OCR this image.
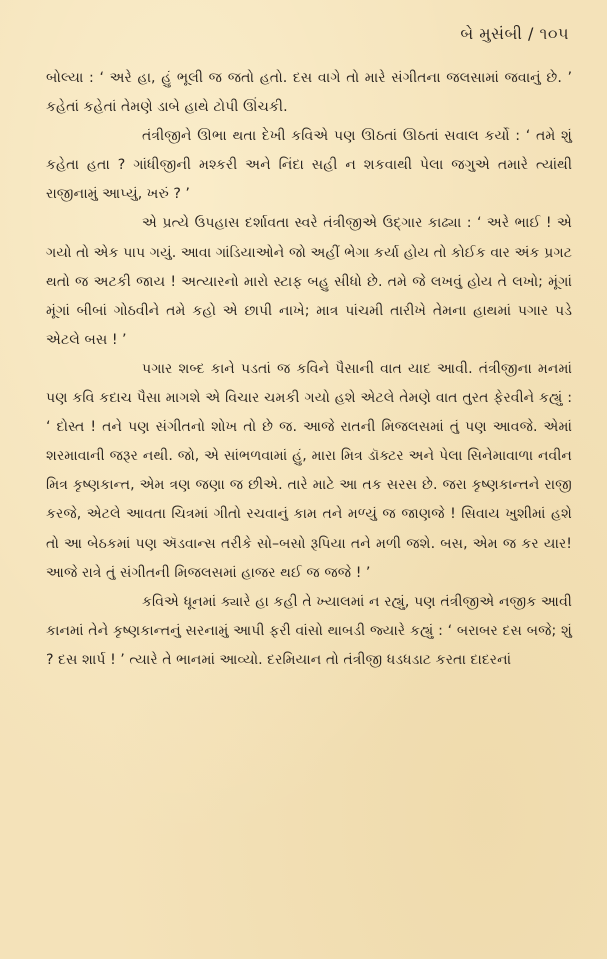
બે મુસંબી / ૧૦૫

બોલ્યા : ‘ અરે હા, હું ભૂલી જ જતો હતો. દસ વાગે તો મારે સંગીતના જલસામાં જવાનું છે. ’ કહેતાં કહેતાં તેમણે ડાબે હાથે ટોપી ઊંચકી.

તંત્રીજીને ઊભા થતા દેખી કવિએ પણ ઊઠતાં ઊઠતાં સવાલ કર્યો : ‘ તમે શું કહેતા હતા ? ગાંધીજીની મશ્કરી અને નિંદા સહી ન શકવાથી પેલા જગુએ તમારે ત્યાંથી રાજીનામું આપ્યું, ખરું ? ’

એ પ્રત્યે ઉપહાસ દર્શાવતા સ્વરે તંત્રીજીએ ઉદ્ગાર કાઢ્યા : ‘ અરે ભાઈ ! એ ગયો તો એક પાપ ગયું. આવા ગાંડિયાઓને જો અહીં ભેગા કર્યા હોય તો કોઈક વાર અંક પ્રગટ થતો જ અટકી જાય ! અત્યારનો મારો સ્ટાફ બહુ સીધો છે. તમે જે લખવું હોય તે લખો; મૂંગાં મૂંગાં બીબાં ગોઠવીને તમે કહો એ છાપી નાખે; માત્ર પાંચમી તારીખે તેમના હાથમાં પગાર પડે એટલે બસ ! ’

પગાર શબ્દ કાને પડતાં જ કવિને પૈસાની વાત યાદ આવી. તંત્રીજીના મનમાં પણ કવિ કદાચ પૈસા માગશે એ વિચાર ચમકી ગયો હશે એટલે તેમણે વાત તુરત ફેરવીને કહ્યું : ‘ દોસ્ત ! તને પણ સંગીતનો શોખ તો છે જ. આજે રાતની મિજલસમાં તું પણ આવજે. એમાં શરમાવાની જરૂર નથી. જો, એ સાંભળવામાં હું, મારા મિત્ર ડૉક્ટર અને પેલા સિનેમાવાળા નવીન મિત્ર કૃષ્ણકાન્ત, એમ ત્રણ જણા જ છીએ. તારે માટે આ તક સરસ છે. જરા કૃષ્ણકાન્તને રાજી કરજે, એટલે આવતા ચિત્રમાં ગીતો રચવાનું કામ તને મળ્યું જ જાણજે ! સિવાય ખુશીમાં હશે તો આ બેઠકમાં પણ ઍડવાન્સ તરીકે સો–બસો રૂપિયા તને મળી જશે. બસ, એમ જ કર યાર! આજે રાત્રે તું સંગીતની મિજલસમાં હાજર થઈ જ જજે ! ’

કવિએ ધૂનમાં ક્યારે હા કહી તે ખ્યાલમાં ન રહ્યું, પણ તંત્રીજીએ નજીક આવી કાનમાં તેને કૃષ્ણકાન્તનું સરનામું આપી ફરી વાંસો થાબડી જ્યારે કહ્યું : ‘ બરાબર દસ બજે; શું ? દસ શાર્પ ! ’ ત્યારે તે ભાનમાં આવ્યો. દરમિયાન તો તંત્રીજી ધડધડાટ કરતા દાદરનાં
